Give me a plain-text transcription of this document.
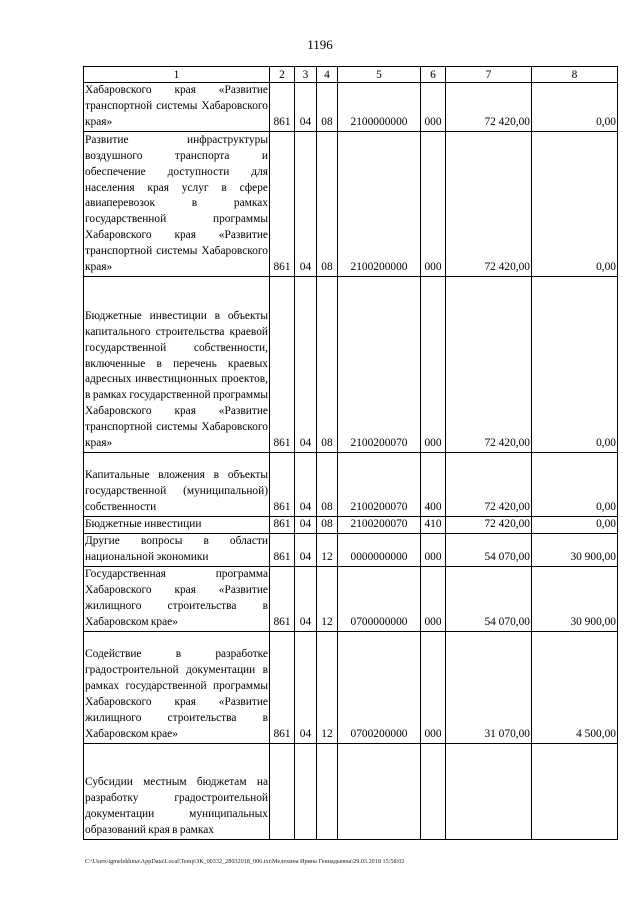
1196
1	2	3	4	5	6	7	8
Хабаровского края «Развитие транспортной системы Хабаровского края»	861	04	08	2100000000	000	72 420,00	0,00
Развитие инфраструктуры воздушного транспорта и обеспечение доступности для населения края услуг в сфере авиаперевозок в рамках государственной программы Хабаровского края «Развитие транспортной системы Хабаровского края»	861	04	08	2100200000	000	72 420,00	0,00
Бюджетные инвестиции в объекты капитального строительства краевой государственной собственности, включенные в перечень краевых адресных инвестиционных проектов, в рамках государственной программы Хабаровского края «Развитие транспортной системы Хабаровского края»	861	04	08	2100200070	000	72 420,00	0,00
Капитальные вложения в объекты государственной (муниципальной) собственности	861	04	08	2100200070	400	72 420,00	0,00
Бюджетные инвестиции	861	04	08	2100200070	410	72 420,00	0,00
Другие вопросы в области национальной экономики	861	04	12	0000000000	000	54 070,00	30 900,00
Государственная программа Хабаровского края «Развитие жилищного строительства в Хабаровском крае»	861	04	12	0700000000	000	54 070,00	30 900,00
Содействие в разработке градостроительной документации в рамках государственной программы Хабаровского края «Развитие жилищного строительства в Хабаровском крае»	861	04	12	0700200000	000	31 070,00	4 500,00
Субсидии местным бюджетам на разработку градостроительной документации муниципальных образований края в рамках							
C:\Users\igmelekhina\AppData\Local\Temp\ЗК_00332_28032018_006.txt\Мелехина Ирина Геннадьевна\29.03.2018 15:58:02
